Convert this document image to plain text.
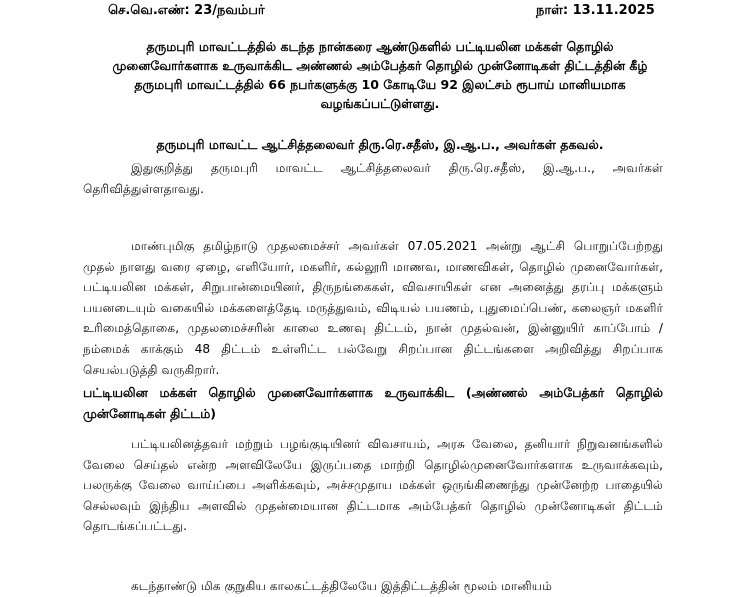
செ.வெ.எண்: 23/நவம்பர்	நாள்: 13.11.2025
தருமபுரி மாவட்டத்தில் கடந்த நான்கரை ஆண்டுகளில் பட்டியலின மக்கள் தொழில் முனைவோர்களாக உருவாக்கிட அண்ணல் அம்பேத்கர் தொழில் முன்னோடிகள் திட்டத்தின் கீழ் தருமபுரி மாவட்டத்தில் 66 நபர்களுக்கு 10 கோடியே 92 இலட்சம் ரூபாய் மானியமாக வழங்கப்பட்டுள்ளது.
தருமபுரி மாவட்ட ஆட்சித்தலைவர் திரு.ரெ.சதீஸ், இ.ஆ.ப., அவர்கள் தகவல்.
இதுகுறித்து தருமபுரி மாவட்ட ஆட்சித்தலைவர் திரு.ரெ.சதீஸ், இ.ஆ.ப., அவர்கள் தெரிவித்துள்ளதாவது.
மாண்புமிகு தமிழ்நாடு முதலமைச்சர் அவர்கள் 07.05.2021 அன்று ஆட்சி பொறுப்பேற்றது முதல் நாளது வரை ஏழை, எளியோர், மகளிர், கல்லூரி மாணவ, மாணவிகள், தொழில் முனைவோர்கள், பட்டியலின மக்கள், சிறுபான்மையினர், திருநங்கைகள், விவசாயிகள் என அனைத்து தரப்பு மக்களும் பயனடையும் வகையில் மக்களைத்தேடி மருத்துவம், விடியல் பயணம், புதுமைப்பெண், கலைஞர் மகளிர் உரிமைத்தொகை, முதலமைச்சரின் காலை உணவு திட்டம், நான் முதல்வன், இன்னுயிர் காப்போம் / நம்மைக் காக்கும் 48 திட்டம் உள்ளிட்ட பல்வேறு சிறப்பான திட்டங்களை அறிவித்து சிறப்பாக செயல்படுத்தி வருகிறார்.
பட்டியலின மக்கள் தொழில் முனைவோர்களாக உருவாக்கிட (அண்ணல் அம்பேத்கர் தொழில் முன்னோடிகள் திட்டம்)
பட்டியலினத்தவர் மற்றும் பழங்குடியினர் விவசாயம், அரசு வேலை, தனியார் நிறுவனங்களில் வேலை செய்தல் என்ற அளவிலேயே இருப்பதை மாற்றி தொழில்முனைவோர்களாக உருவாக்கவும், பலருக்கு வேலை வாய்ப்பை அளிக்கவும், அச்சமுதாய மக்கள் ஒருங்கிணைந்து முன்னேற்ற பாதையில் செல்லவும் இந்திய அளவில் முதன்மையான திட்டமாக அம்பேத்கர் தொழில் முன்னோடிகள் திட்டம் தொடங்கப்பட்டது.
கடந்தாண்டு மிக குறுகிய காலகட்டத்திலேயே இத்திட்டத்தின் மூலம் மானியம்
